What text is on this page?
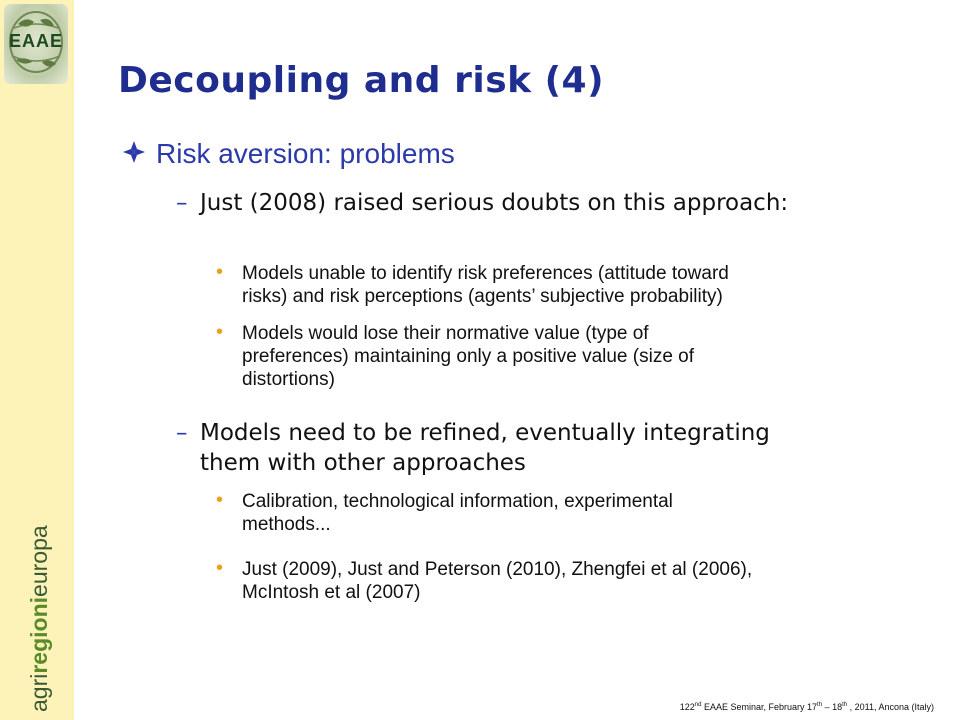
EAAE
agriregionieuropa
Decoupling and risk (4)
Risk aversion: problems
– Just (2008) raised serious doubts on this approach:
• Models unable to identify risk preferences (attitude toward risks) and risk perceptions (agents’ subjective probability)
• Models would lose their normative value (type of preferences) maintaining only a positive value (size of distortions)
– Models need to be refined, eventually integrating them with other approaches
• Calibration, technological information, experimental methods...
• Just (2009), Just and Peterson (2010), Zhengfei et al (2006), McIntosh et al (2007)
122nd EAAE Seminar, February 17th – 18th , 2011, Ancona (Italy)
